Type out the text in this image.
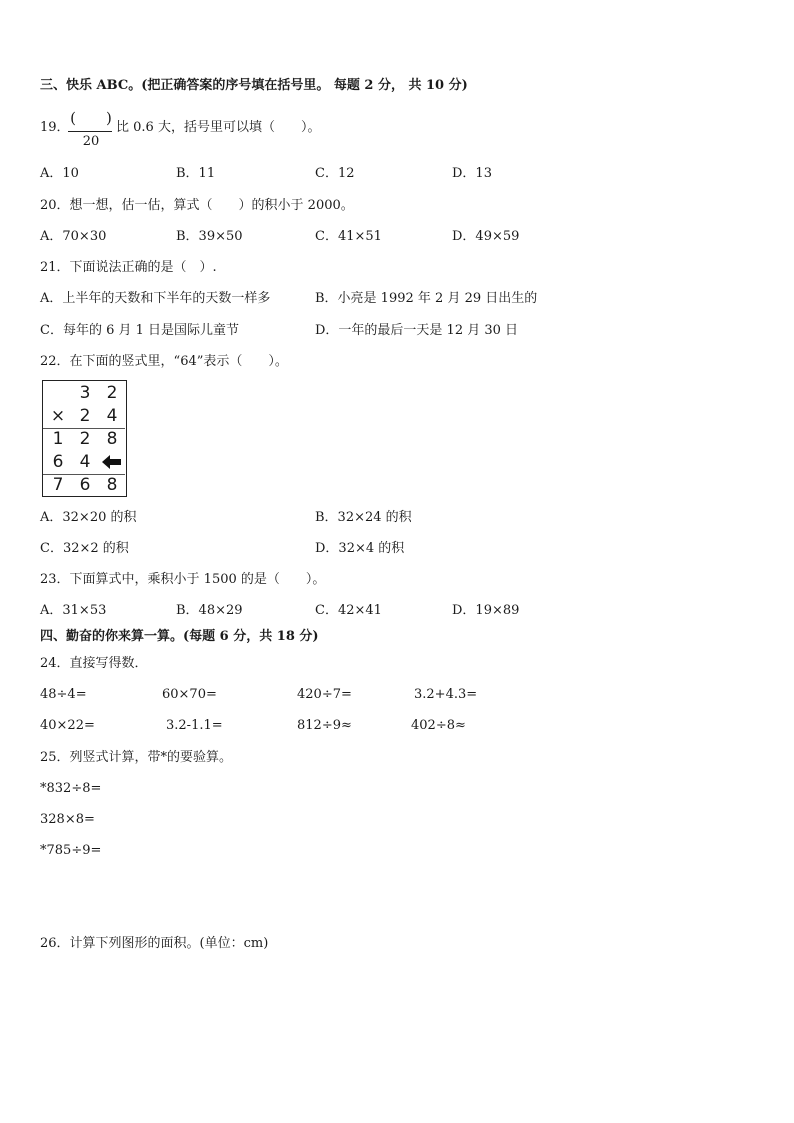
三、快乐 ABC。(把正确答案的序号填在括号里。 每题 2 分， 共 10 分)
19．
(　　)
20
比 0.6 大，括号里可以填（　　）。
A．10	B．11	C．12	D．13
20．想一想，估一估，算式（　　）的积小于 2000。
A．70×30	B．39×50	C．41×51	D．49×59
21．下面说法正确的是（　）.
A．上半年的天数和下半年的天数一样多	B．小亮是 1992 年 2 月 29 日出生的
C．每年的 6 月 1 日是国际儿童节	D．一年的最后一天是 12 月 30 日
22．在下面的竖式里，“64”表示（　　）。
3 2
× 2 4
1 2 8
6 4
7 6 8
A．32×20 的积	B．32×24 的积
C．32×2 的积	D．32×4 的积
23．下面算式中，乘积小于 1500 的是（　　）。
A．31×53	B．48×29	C．42×41	D．19×89
四、勤奋的你来算一算。(每题 6 分，共 18 分)
24．直接写得数．
48÷4=	60×70=	420÷7=	3.2+4.3=
40×22=	3.2-1.1=	812÷9≈	402÷8≈
25．列竖式计算，带*的要验算。
*832÷8=
328×8=
*785÷9=
26．计算下列图形的面积。(单位：cm)
